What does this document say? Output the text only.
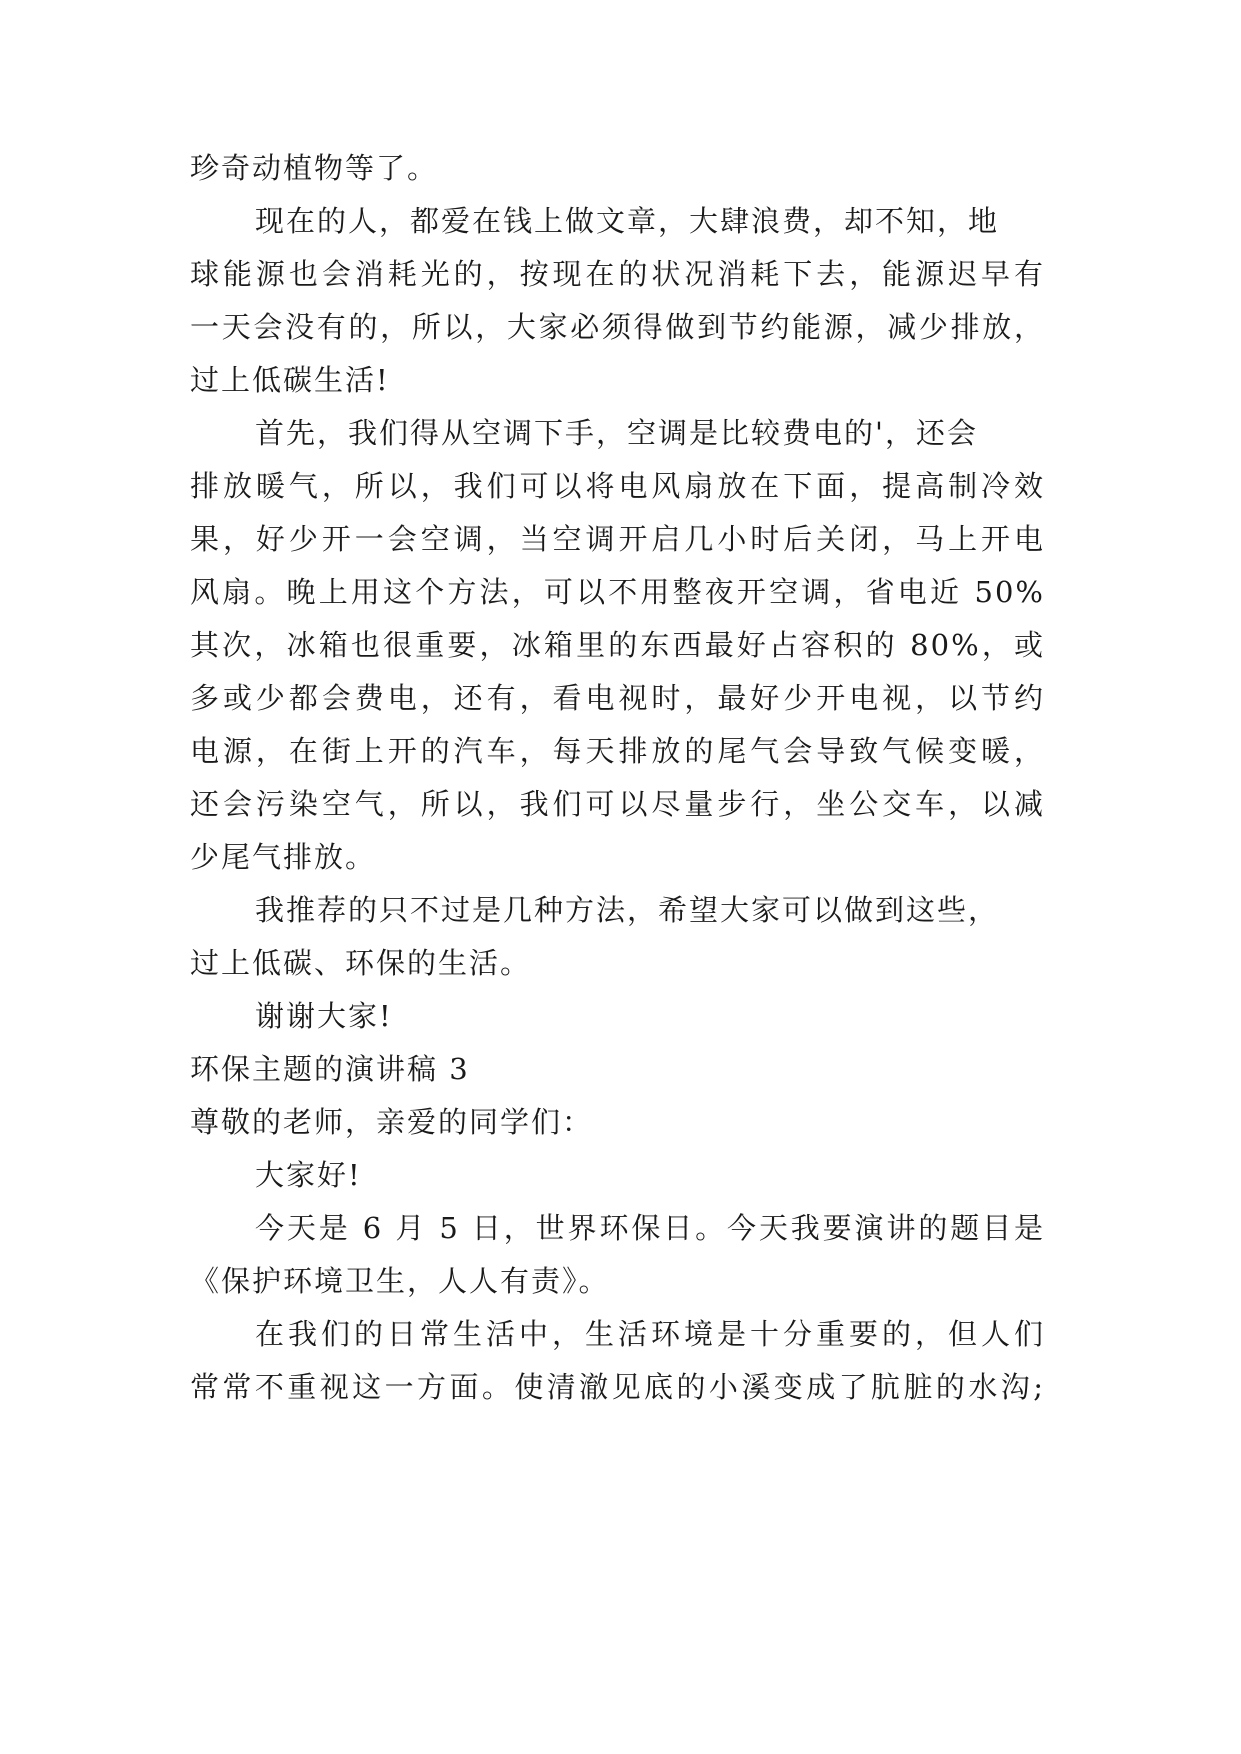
珍奇动植物等了。
现在的人，都爱在钱上做文章，大肆浪费，却不知，地
球能源也会消耗光的，按现在的状况消耗下去，能源迟早有
一天会没有的，所以，大家必须得做到节约能源，减少排放，
过上低碳生活!
首先，我们得从空调下手，空调是比较费电的'，还会
排放暖气，所以，我们可以将电风扇放在下面，提高制冷效
果，好少开一会空调，当空调开启几小时后关闭，马上开电
风扇。晚上用这个方法，可以不用整夜开空调，省电近 50%
其次，冰箱也很重要，冰箱里的东西最好占容积的 80%，或
多或少都会费电，还有，看电视时，最好少开电视，以节约
电源，在街上开的汽车，每天排放的尾气会导致气候变暖，
还会污染空气，所以，我们可以尽量步行，坐公交车，以减
少尾气排放。
我推荐的只不过是几种方法，希望大家可以做到这些，
过上低碳、环保的生活。
谢谢大家!
环保主题的演讲稿 3
尊敬的老师，亲爱的同学们：
大家好!
今天是 6 月 5 日，世界环保日。今天我要演讲的题目是
《保护环境卫生，人人有责》。
在我们的日常生活中，生活环境是十分重要的，但人们
常常不重视这一方面。使清澈见底的小溪变成了肮脏的水沟;
